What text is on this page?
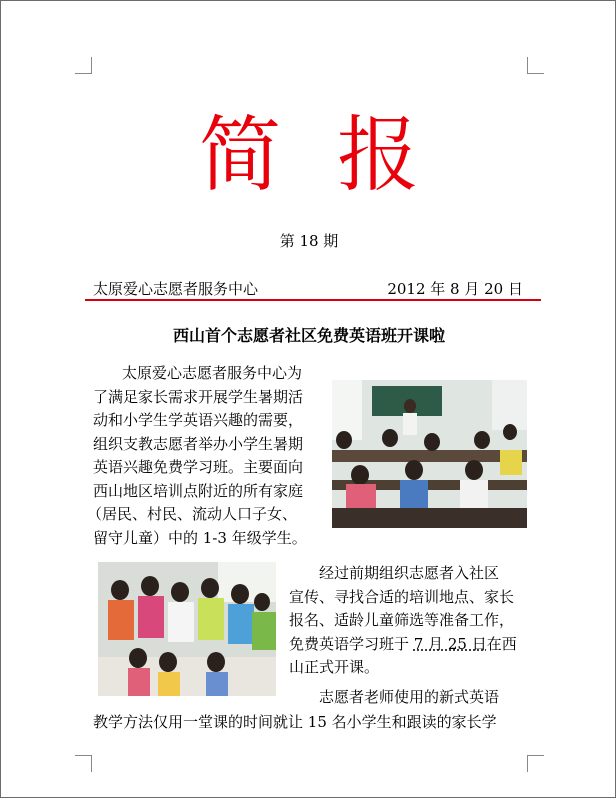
简报
第 18 期
太原爱心志愿者服务中心	2012 年 8 月 20 日
西山首个志愿者社区免费英语班开课啦
太原爱心志愿者服务中心为
了满足家长需求开展学生暑期活
动和小学生学英语兴趣的需要，
组织支教志愿者举办小学生暑期
英语兴趣免费学习班。主要面向
西山地区培训点附近的所有家庭
（居民、村民、流动人口子女、
留守儿童）中的 1-3 年级学生。
经过前期组织志愿者入社区
宣传、寻找合适的培训地点、家长
报名、适龄儿童筛选等准备工作，
免费英语学习班于 7 月 25 日在西
山正式开课。
志愿者老师使用的新式英语
教学方法仅用一堂课的时间就让 15 名小学生和跟读的家长学
